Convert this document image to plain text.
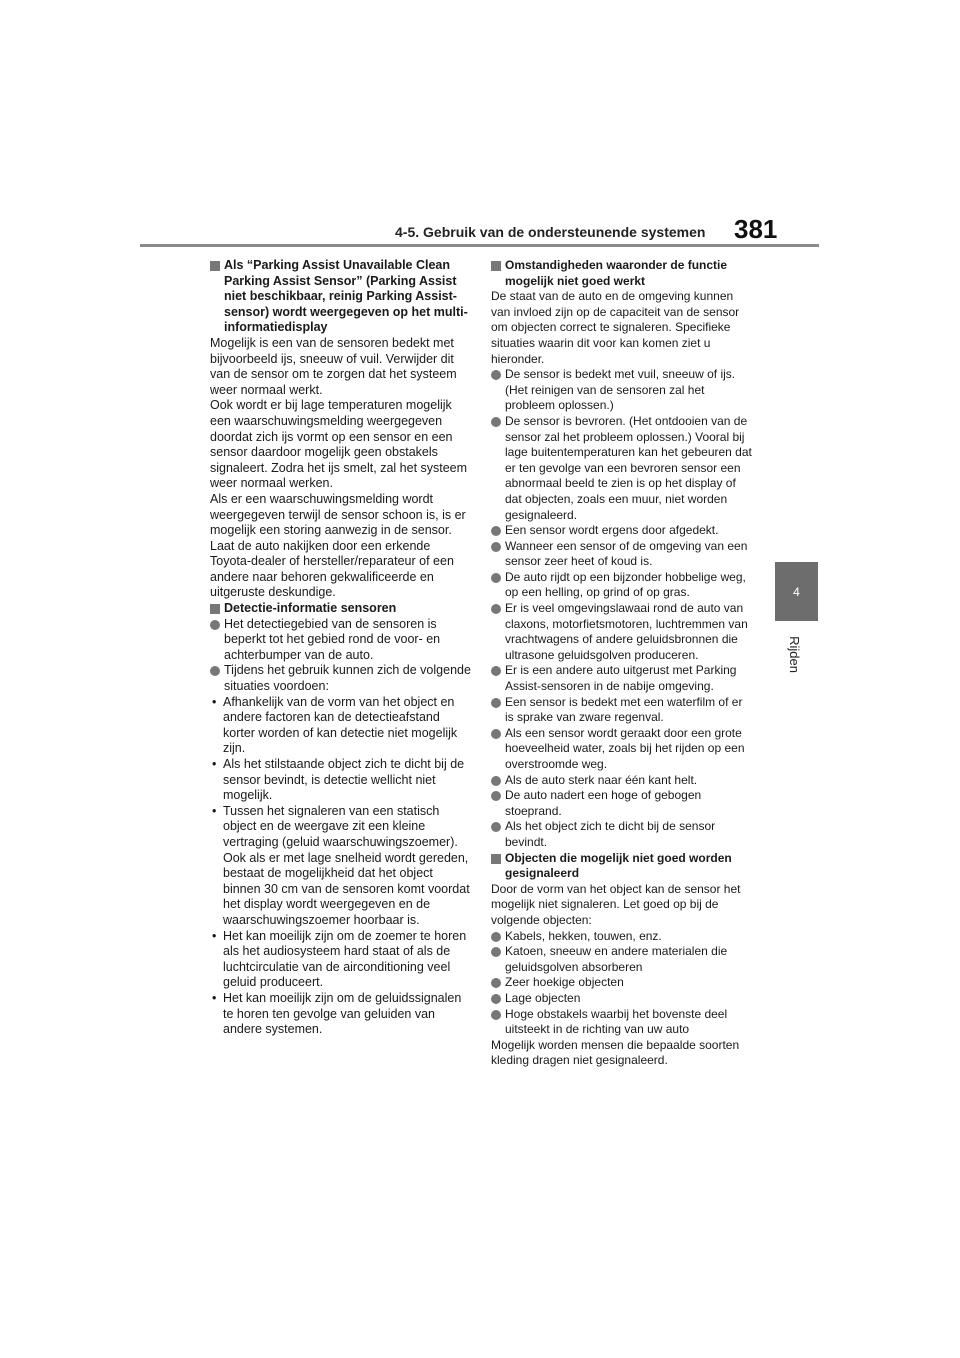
4-5. Gebruik van de ondersteunende systemen 381
4
Rijden

Als “Parking Assist Unavailable Clean Parking Assist Sensor” (Parking Assist niet beschikbaar, reinig Parking Assist-sensor) wordt weergegeven op het multi-informatiedisplay

Mogelijk is een van de sensoren bedekt met bijvoorbeeld ijs, sneeuw of vuil. Verwijder dit van de sensor om te zorgen dat het systeem weer normaal werkt.

Ook wordt er bij lage temperaturen mogelijk een waarschuwingsmelding weergegeven doordat zich ijs vormt op een sensor en een sensor daardoor mogelijk geen obstakels signaleert. Zodra het ijs smelt, zal het systeem weer normaal werken.

Als er een waarschuwingsmelding wordt weergegeven terwijl de sensor schoon is, is er mogelijk een storing aanwezig in de sensor. Laat de auto nakijken door een erkende Toyota-dealer of hersteller/reparateur of een andere naar behoren gekwalificeerde en uitgeruste deskundige.

Detectie-informatie sensoren

Het detectiegebied van de sensoren is beperkt tot het gebied rond de voor- en achterbumper van de auto.

Tijdens het gebruik kunnen zich de volgende situaties voordoen:

• Afhankelijk van de vorm van het object en andere factoren kan de detectieafstand korter worden of kan detectie niet mogelijk zijn.

• Als het stilstaande object zich te dicht bij de sensor bevindt, is detectie wellicht niet mogelijk.

• Tussen het signaleren van een statisch object en de weergave zit een kleine vertraging (geluid waarschuwingszoemer). Ook als er met lage snelheid wordt gereden, bestaat de mogelijkheid dat het object binnen 30 cm van de sensoren komt voordat het display wordt weergegeven en de waarschuwingszoemer hoorbaar is.

• Het kan moeilijk zijn om de zoemer te horen als het audiosysteem hard staat of als de luchtcirculatie van de airconditioning veel geluid produceert.

• Het kan moeilijk zijn om de geluidssignalen te horen ten gevolge van geluiden van andere systemen.

Omstandigheden waaronder de functie mogelijk niet goed werkt

De staat van de auto en de omgeving kunnen van invloed zijn op de capaciteit van de sensor om objecten correct te signaleren. Specifieke situaties waarin dit voor kan komen ziet u hieronder.

De sensor is bedekt met vuil, sneeuw of ijs. (Het reinigen van de sensoren zal het probleem oplossen.)

De sensor is bevroren. (Het ontdooien van de sensor zal het probleem oplossen.) Vooral bij lage buitentemperaturen kan het gebeuren dat er ten gevolge van een bevroren sensor een abnormaal beeld te zien is op het display of dat objecten, zoals een muur, niet worden gesignaleerd.

Een sensor wordt ergens door afgedekt.

Wanneer een sensor of de omgeving van een sensor zeer heet of koud is.

De auto rijdt op een bijzonder hobbelige weg, op een helling, op grind of op gras.

Er is veel omgevingslawaai rond de auto van claxons, motorfietsmotoren, luchtremmen van vrachtwagens of andere geluidsbronnen die ultrasone geluidsgolven produceren.

Er is een andere auto uitgerust met Parking Assist-sensoren in de nabije omgeving.

Een sensor is bedekt met een waterfilm of er is sprake van zware regenval.

Als een sensor wordt geraakt door een grote hoeveelheid water, zoals bij het rijden op een overstroomde weg.

Als de auto sterk naar één kant helt.

De auto nadert een hoge of gebogen stoeprand.

Als het object zich te dicht bij de sensor bevindt.

Objecten die mogelijk niet goed worden gesignaleerd

Door de vorm van het object kan de sensor het mogelijk niet signaleren. Let goed op bij de volgende objecten:

Kabels, hekken, touwen, enz.

Katoen, sneeuw en andere materialen die geluidsgolven absorberen

Zeer hoekige objecten

Lage objecten

Hoge obstakels waarbij het bovenste deel uitsteekt in de richting van uw auto

Mogelijk worden mensen die bepaalde soorten kleding dragen niet gesignaleerd.
